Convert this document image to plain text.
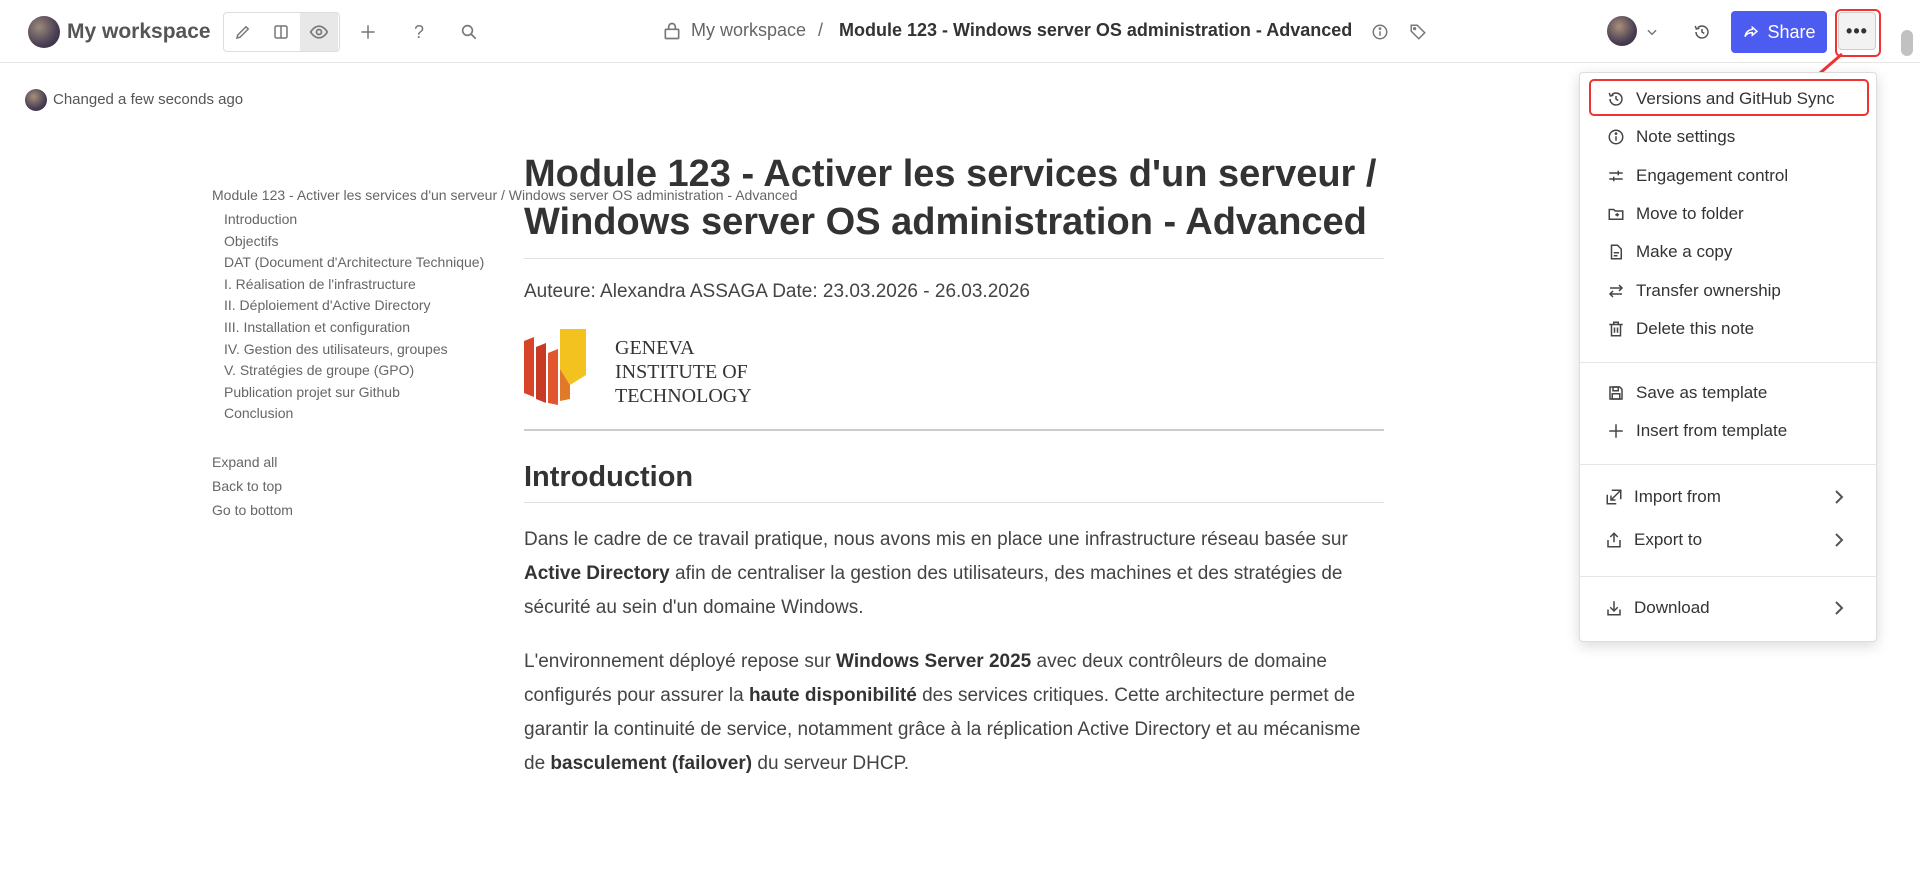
My workspace	?	My workspace / Module 123 - Windows server OS administration - Advanced	Share •••
Changed a few seconds ago
Module 123 - Activer les services d'un serveur / Windows server OS administration - Advanced
Introduction
Objectifs
DAT (Document d'Architecture Technique)
I. Réalisation de l'infrastructure
II. Déploiement d'Active Directory
III. Installation et configuration
IV. Gestion des utilisateurs, groupes
V. Stratégies de groupe (GPO)
Publication projet sur Github
Conclusion
Expand all
Back to top
Go to bottom
Module 123 - Activer les services d'un serveur / Windows server OS administration - Advanced
Auteure: Alexandra ASSAGA Date: 23.03.2026 - 26.03.2026
GENEVA
INSTITUTE OF
TECHNOLOGY
Introduction

Dans le cadre de ce travail pratique, nous avons mis en place une infrastructure réseau basée sur Active Directory afin de centraliser la gestion des utilisateurs, des machines et des stratégies de sécurité au sein d'un domaine Windows.

L'environnement déployé repose sur Windows Server 2025 avec deux contrôleurs de domaine configurés pour assurer la haute disponibilité des services critiques. Cette architecture permet de garantir la continuité de service, notamment grâce à la réplication Active Directory et au mécanisme de basculement (failover) du serveur DHCP.

Versions and GitHub Sync
Note settings
Engagement control
Move to folder
Make a copy
Transfer ownership
Delete this note
Save as template
Insert from template
Import from
Export to
Download
